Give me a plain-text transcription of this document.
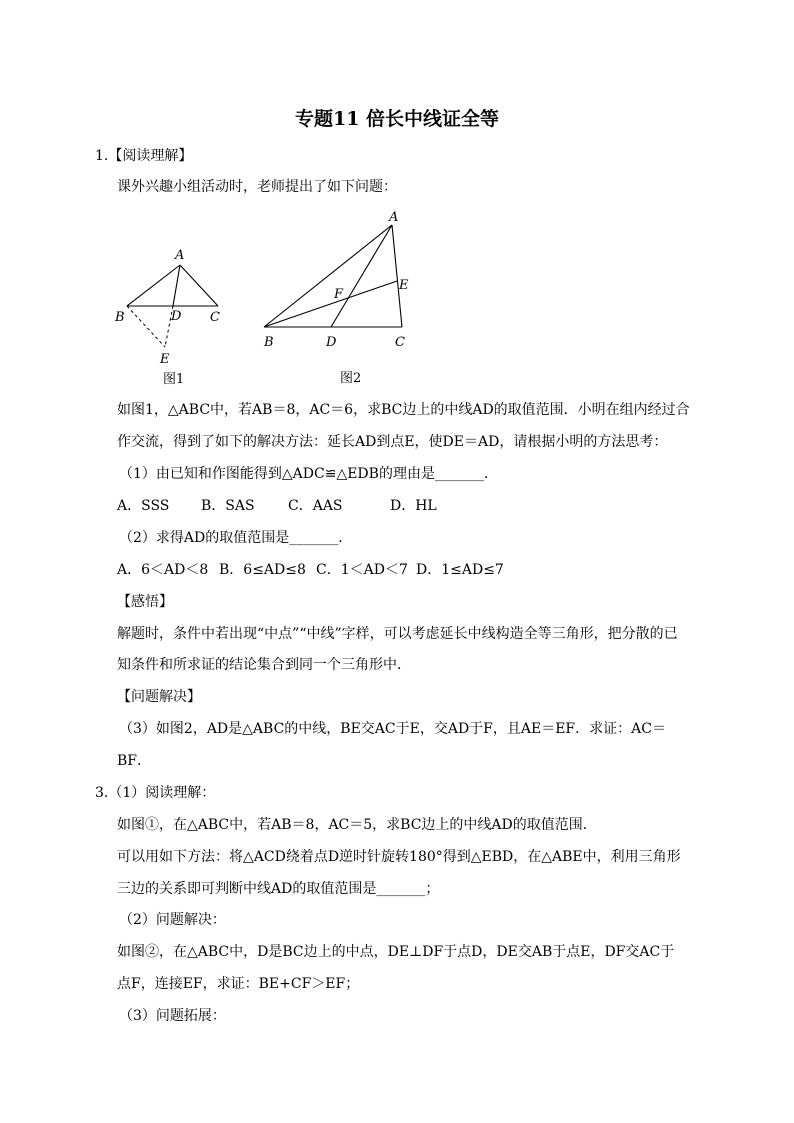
专题11 倍长中线证全等
1.【阅读理解】
课外兴趣小组活动时，老师提出了如下问题：
A
B	D C
E
图1
A
E
F
B	D	C
图2
如图1，△ABC中，若AB＝8，AC＝6，求BC边上的中线AD的取值范围．小明在组内经过合
作交流，得到了如下的解决方法：延长AD到点E，使DE＝AD，请根据小明的方法思考：
（1）由已知和作图能得到△ADC≌△EDB的理由是_______．
A．SSS B．SAS C．AAS	D．HL
（2）求得AD的取值范围是_______．
A．6＜AD＜8 B．6≤AD≤8 C．1＜AD＜7 D．1≤AD≤7
【感悟】
解题时，条件中若出现“中点”“中线”字样，可以考虑延长中线构造全等三角形，把分散的已
知条件和所求证的结论集合到同一个三角形中．
【问题解决】
（3）如图2，AD是△ABC的中线，BE交AC于E，交AD于F，且AE＝EF．求证：AC＝
BF．
3.（1）阅读理解：
如图①，在△ABC中，若AB＝8，AC＝5，求BC边上的中线AD的取值范围．
可以用如下方法：将△ACD绕着点D逆时针旋转180°得到△EBD，在△ABE中，利用三角形
三边的关系即可判断中线AD的取值范围是_______；
（2）问题解决：
如图②，在△ABC中，D是BC边上的中点，DE⊥DF于点D，DE交AB于点E，DF交AC于
点F，连接EF，求证：BE+CF＞EF；
（3）问题拓展：
